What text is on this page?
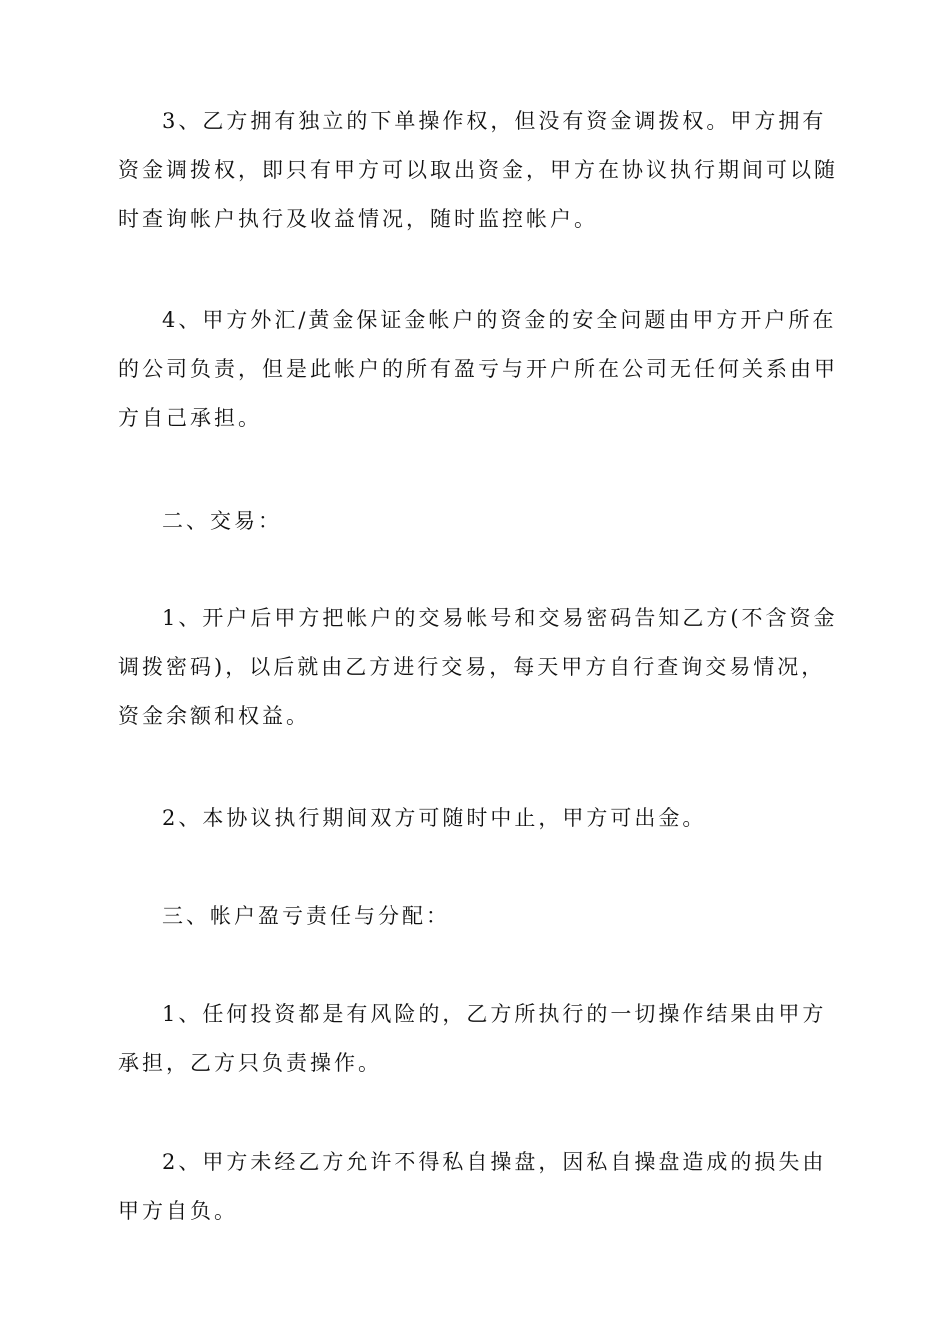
3、乙方拥有独立的下单操作权，但没有资金调拨权。甲方拥有资金调拨权，即只有甲方可以取出资金，甲方在协议执行期间可以随时查询帐户执行及收益情况，随时监控帐户。

4、甲方外汇/黄金保证金帐户的资金的安全问题由甲方开户所在的公司负责，但是此帐户的所有盈亏与开户所在公司无任何关系由甲方自己承担。

二、交易：

1、开户后甲方把帐户的交易帐号和交易密码告知乙方(不含资金调拨密码)，以后就由乙方进行交易，每天甲方自行查询交易情况，资金余额和权益。

2、本协议执行期间双方可随时中止，甲方可出金。

三、帐户盈亏责任与分配：

1、任何投资都是有风险的，乙方所执行的一切操作结果由甲方承担，乙方只负责操作。

2、甲方未经乙方允许不得私自操盘，因私自操盘造成的损失由甲方自负。
